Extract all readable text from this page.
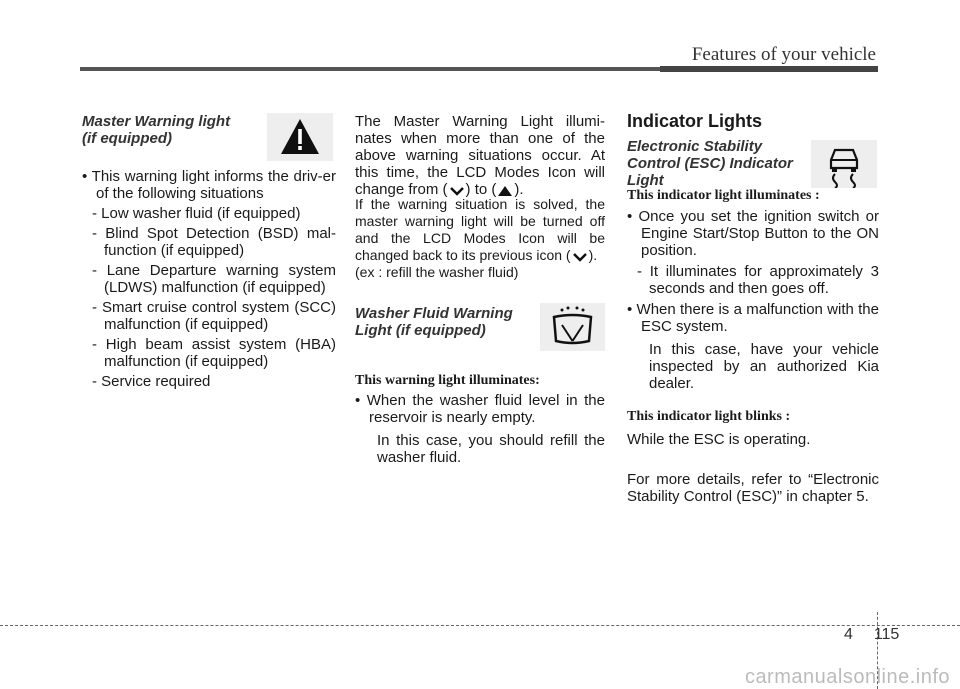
Features of your vehicle
Master Warning light
(if equipped)
• This warning light informs the driv-er of the following situations
- Low washer fluid (if equipped)
- Blind Spot Detection (BSD) mal-function (if equipped)
- Lane Departure warning system (LDWS) malfunction (if equipped)
- Smart cruise control system (SCC) malfunction (if equipped)
- High beam assist system (HBA) malfunction (if equipped)
- Service required
The Master Warning Light illumi-nates when more than one of the above warning situations occur. At this time, the LCD Modes Icon will change from ( ) to ( ).
If the warning situation is solved, the master warning light will be turned off and the LCD Modes Icon will be changed back to its previous icon ( ).
(ex : refill the washer fluid)
Washer Fluid Warning
Light (if equipped)
This warning light illuminates:
• When the washer fluid level in the reservoir is nearly empty.
In this case, you should refill the washer fluid.
Indicator Lights
Electronic Stability
Control (ESC) Indicator
Light
This indicator light illuminates :
• Once you set the ignition switch or Engine Start/Stop Button to the ON position.
- It illuminates for approximately 3 seconds and then goes off.
• When there is a malfunction with the ESC system.
In this case, have your vehicle inspected by an authorized Kia dealer.
This indicator light blinks :
While the ESC is operating.
For more details, refer to “Electronic Stability Control (ESC)” in chapter 5.
4 115
carmanualsonline.info
